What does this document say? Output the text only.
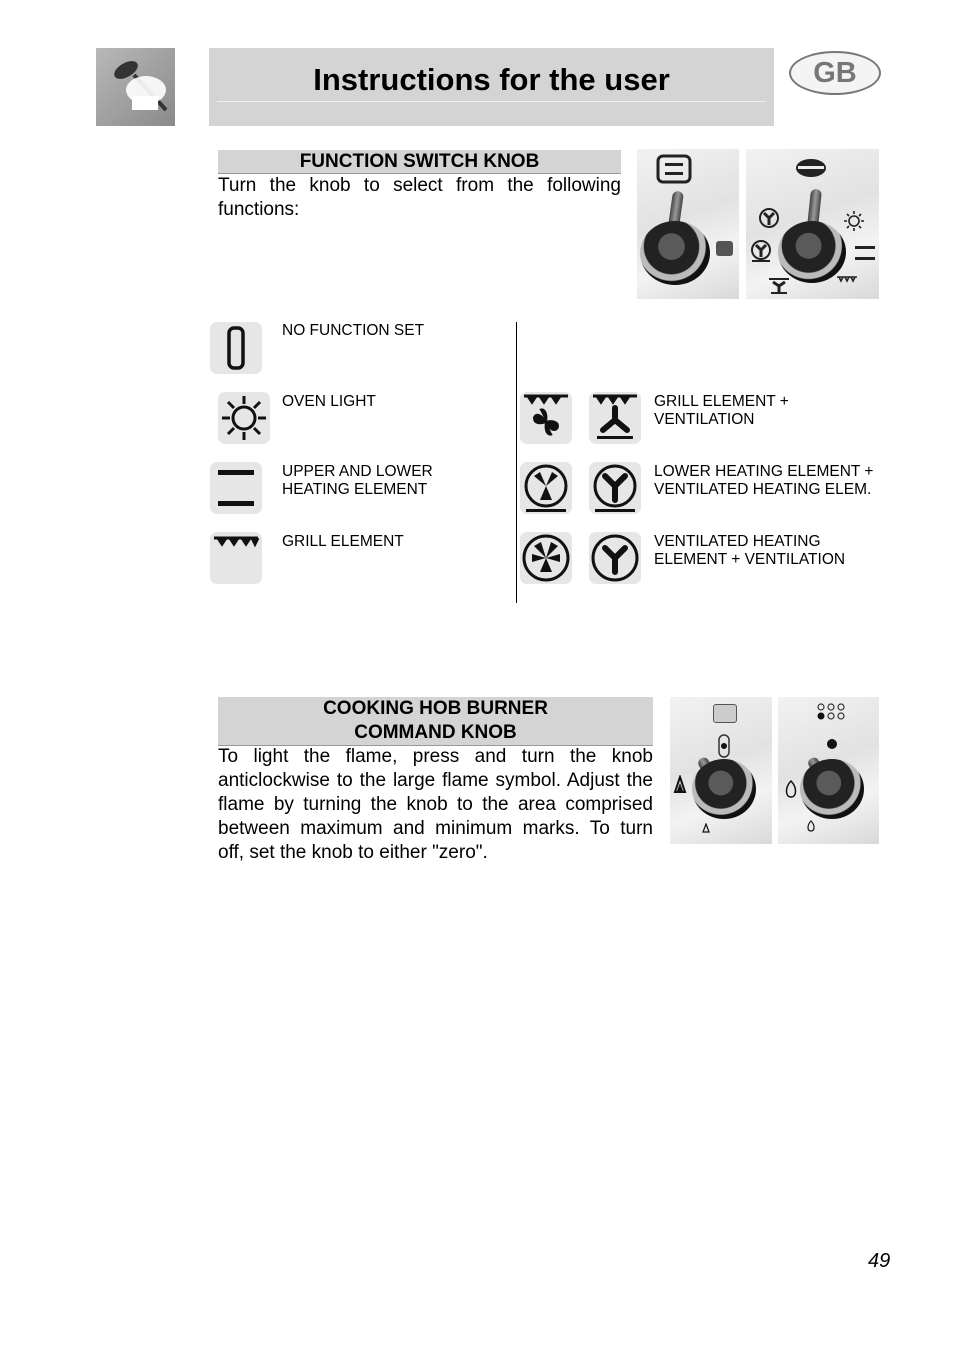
Instructions for the user	GB
FUNCTION SWITCH KNOB
Turn the knob to select from the following functions:
NO FUNCTION SET
OVEN LIGHT
UPPER AND LOWER HEATING ELEMENT
GRILL ELEMENT
GRILL ELEMENT + VENTILATION
LOWER HEATING ELEMENT + VENTILATED HEATING ELEM.
VENTILATED HEATING ELEMENT + VENTILATION
COOKING HOB BURNER
COMMAND KNOB
To light the flame, press and turn the knob anticlockwise to the large flame symbol. Adjust the flame by turning the knob to the area comprised between maximum and minimum marks. To turn off, set the knob to either "zero".
49
